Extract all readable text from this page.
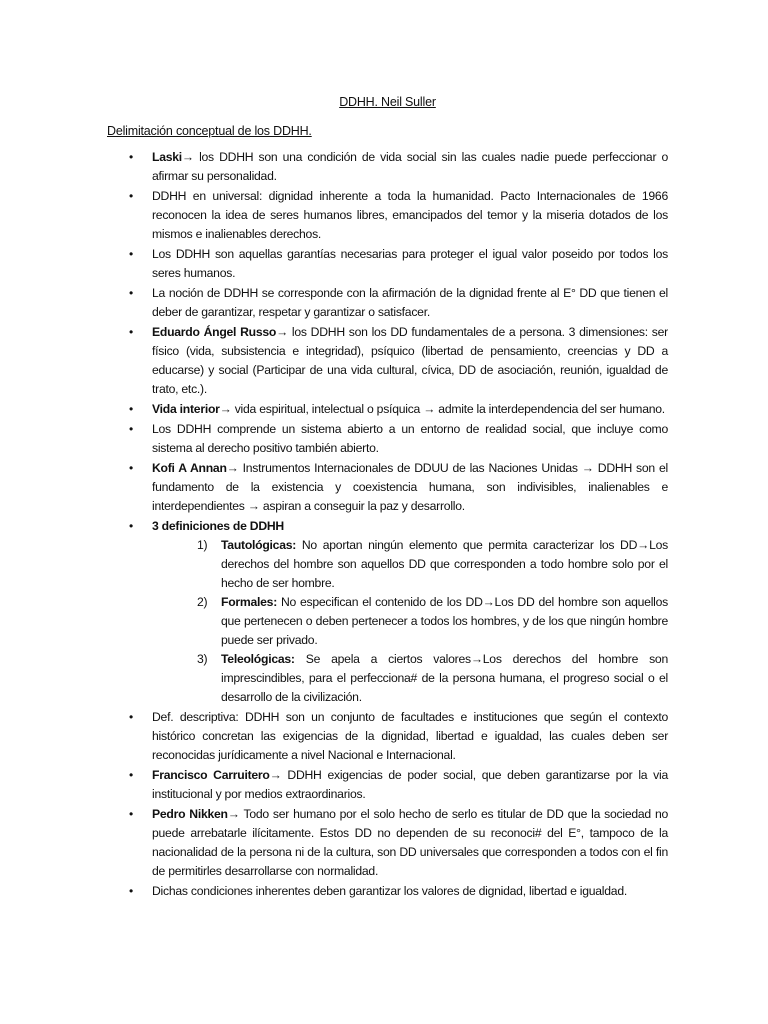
DDHH. Neil Suller
Delimitación conceptual de los DDHH.
• Laski→ los DDHH son una condición de vida social sin las cuales nadie puede perfeccionar o afirmar su personalidad.
• DDHH en universal: dignidad inherente a toda la humanidad. Pacto Internacionales de 1966 reconocen la idea de seres humanos libres, emancipados del temor y la miseria dotados de los mismos e inalienables derechos.
• Los DDHH son aquellas garantías necesarias para proteger el igual valor poseido por todos los seres humanos.
• La noción de DDHH se corresponde con la afirmación de la dignidad frente al E° DD que tienen el deber de garantizar, respetar y garantizar o satisfacer.
• Eduardo Ángel Russo→ los DDHH son los DD fundamentales de a persona. 3 dimensiones: ser físico (vida, subsistencia e integridad), psíquico (libertad de pensamiento, creencias y DD a educarse) y social (Participar de una vida cultural, cívica, DD de asociación, reunión, igualdad de trato, etc.).
• Vida interior→ vida espiritual, intelectual o psíquica → admite la interdependencia del ser humano.
• Los DDHH comprende un sistema abierto a un entorno de realidad social, que incluye como sistema al derecho positivo también abierto.
• Kofi A Annan→ Instrumentos Internacionales de DDUU de las Naciones Unidas → DDHH son el fundamento de la existencia y coexistencia humana, son indivisibles, inalienables e interdependientes → aspiran a conseguir la paz y desarrollo.
• 3 definiciones de DDHH
1) Tautológicas: No aportan ningún elemento que permita caracterizar los DD→Los derechos del hombre son aquellos DD que corresponden a todo hombre solo por el hecho de ser hombre.
2) Formales: No especifican el contenido de los DD→Los DD del hombre son aquellos que pertenecen o deben pertenecer a todos los hombres, y de los que ningún hombre puede ser privado.
3) Teleológicas: Se apela a ciertos valores→Los derechos del hombre son imprescindibles, para el perfecciona# de la persona humana, el progreso social o el desarrollo de la civilización.
• Def. descriptiva: DDHH son un conjunto de facultades e instituciones que según el contexto histórico concretan las exigencias de la dignidad, libertad e igualdad, las cuales deben ser reconocidas jurídicamente a nivel Nacional e Internacional.
• Francisco Carruitero→ DDHH exigencias de poder social, que deben garantizarse por la via institucional y por medios extraordinarios.
• Pedro Nikken→ Todo ser humano por el solo hecho de serlo es titular de DD que la sociedad no puede arrebatarle ilícitamente. Estos DD no dependen de su reconoci# del E°, tampoco de la nacionalidad de la persona ni de la cultura, son DD universales que corresponden a todos con el fin de permitirles desarrollarse con normalidad.
• Dichas condiciones inherentes deben garantizar los valores de dignidad, libertad e igualdad.
